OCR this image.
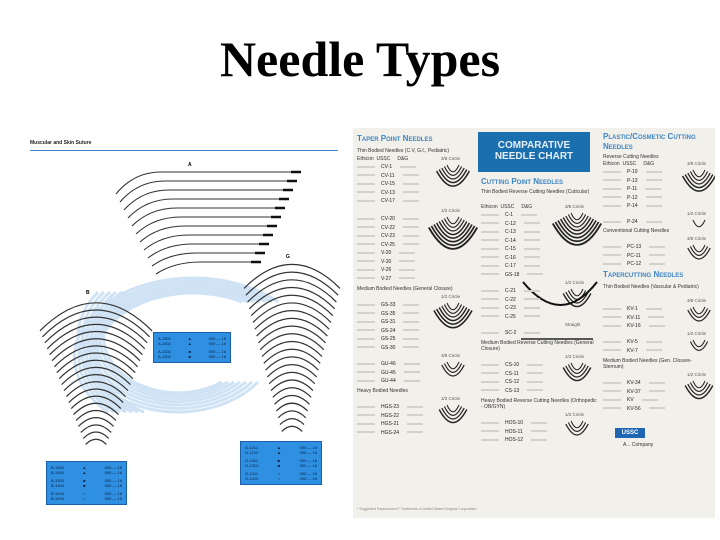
Needle Types
Muscular and Skin Suture
A
B
G
A-1301	▲	000 — 16
A-1302	▲	000 — 16
A-1301	■	000 — 16
A-1302	■	000 — 16
B-1303	▲	000 — 16
B-1304	▲	000 — 16
B-1303	■	000 — 16
B-1304	■	000 — 16
B-1403	○	000 — 16
B-1404	○	000 — 16
G-1211	▲	000 — 16
G-1212	▲	000 — 16
G-1311	■	000 — 16
G-1312	■	000 — 16
G-1411	○	000 — 16
G-1412	○	000 — 16
COMPARATIVE NEEDLE CHART
Taper Point Needles
Cutting Point Needles
Plastic/Cosmetic Cutting Needles
Tapercutting Needles
USSC
A... Company
* Suggested Replacement * Trademark of United States Surgical Corporation
Thin Bodied Needles (C.V, G.I., Pediatric)
Ethicon USSC D&G	3/8 Circle
CV-1
CV-11
CV-15
CV-13
CV-17
1/2 Circle
CV-20
CV-22
CV-23
CV-25
V-20
V-30
V-26
V-27
Medium Bodied Needles (General Closure)
1/2 Circle
GS-33
GS-35
GS-31
GS-24
GS-25
GS-30
3/8 Circle
GU-46
GU-45
GU-44
Heavy Bodied Needles
1/2 Circle
HGS-23
HGS-22
HGS-21
HGS-24
Thin Bodied Reverse Cutting Needles (Cuticular)
Ethicon USSC D&G	3/8 Circle
C-1
C-12
C-13
C-14
C-15
C-16
C-17
GS-18
1/2 Circle
C-21
C-22
C-23
C-25
Straight
SC-2
Medium Bodied Reverse Cutting Needles (General Closure)
1/2 Circle
CS-10
CS-11
CS-12
CS-13
Heavy Bodied Reverse Cutting Needles (Orthopedic - OB/GYN)
1/2 Circle
HOS-10
HOS-11
HOS-12
Reverse Cutting Needles
Ethicon USSC D&G	3/8 Circle
P-10
P-13
P-11
P-12
P-14
1/2 Circle
P-24
Conventional Cutting Needles
3/8 Circle
PC-13
PC-11
PC-12
Thin Bodied Needles (Vascular & Pediatric)
3/8 Circle
KV-1
KV-11
KV-16
1/2 Circle
KV-5
KV-7
Medium Bodied Needles (Gen. Closure-Sternum)
1/2 Circle
KV-34
KV-37
KV
KV-56
